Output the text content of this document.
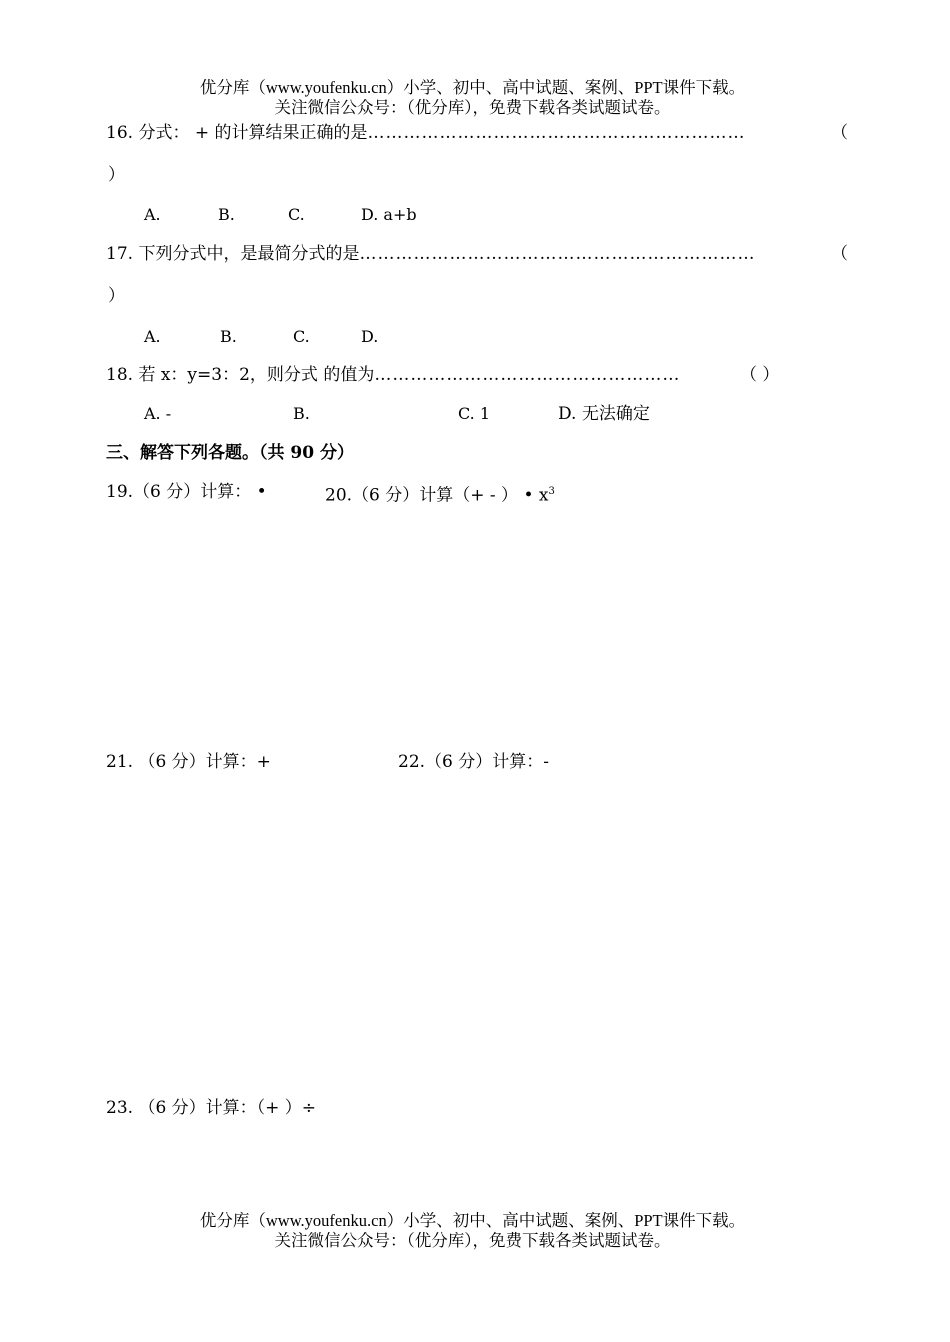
优分库（www.youfenku.cn）小学、初中、高中试题、案例、PPT课件下载。
关注微信公众号：（优分库），免费下载各类试题试卷。
16. 分式： + 的计算结果正确的是………………………………………………………	（
）
A.	B.	C.	D. a+b
17. 下列分式中，是最简分式的是…………………………………………………………	（
）
A.	B.	C.	D.
18. 若 x：y=3：2，则分式 的值为……………………………………………	（ ）
A. -	B.	C. 1	D. 无法确定
三、解答下列各题。（共 90 分）
19.（6 分）计算： •	20.（6 分）计算（+ - ） • $x^3$
21. （6 分）计算：+	22.（6 分）计算：-
23. （6 分）计算：（+ ）÷
优分库（www.youfenku.cn）小学、初中、高中试题、案例、PPT课件下载。
关注微信公众号：（优分库），免费下载各类试题试卷。
